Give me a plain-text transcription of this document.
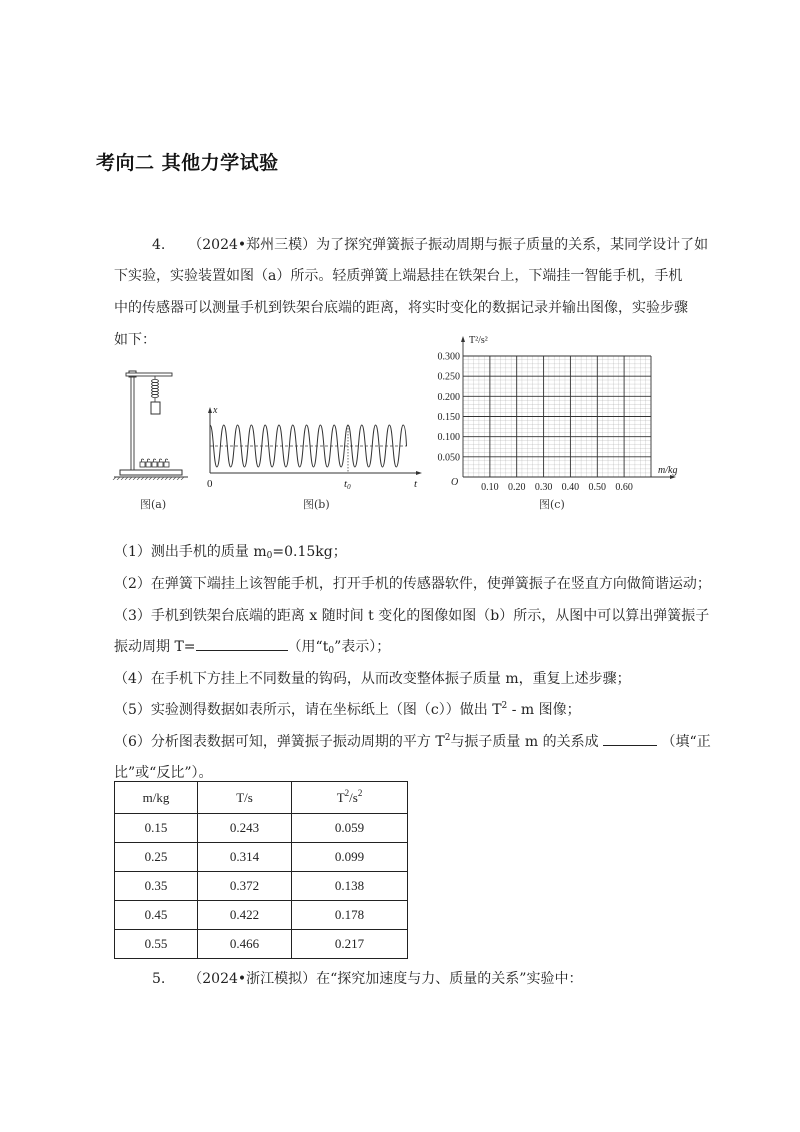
考向二 其他力学试验
4. （2024•郑州三模）为了探究弹簧振子振动周期与振子质量的关系，某同学设计了如
下实验，实验装置如图（a）所示。轻质弹簧上端悬挂在铁架台上，下端挂一智能手机，手机
中的传感器可以测量手机到铁架台底端的距离，将实时变化的数据记录并输出图像，实验步骤
如下：
图(a)
x
0	t0	t
图(b)
T²/s²
m/kg
O
0.300
0.250
0.200
0.150
0.100
0.050
0.10 0.20 0.30 0.40 0.50 0.60
图(c)
（1）测出手机的质量 $m_0=0.15kg$；
（2）在弹簧下端挂上该智能手机，打开手机的传感器软件，使弹簧振子在竖直方向做简谐运动；
（3）手机到铁架台底端的距离 x 随时间 t 变化的图像如图（b）所示，从图中可以算出弹簧振子
振动周期 T=	（用“$t_0$”表示）；
（4）在手机下方挂上不同数量的钩码，从而改变整体振子质量 m，重复上述步骤；
（5）实验测得数据如表所示，请在坐标纸上（图（c））做出 $T^2$ - m 图像；
（6）分析图表数据可知，弹簧振子振动周期的平方 $T^2$与振子质量 m 的关系成	（填“正
比”或“反比”）。
m/kg	T/s	$T^2/s^2$
0.15	0.243	0.059
0.25	0.314	0.099
0.35	0.372	0.138
0.45	0.422	0.178
0.55	0.466	0.217
5. （2024•浙江模拟）在“探究加速度与力、质量的关系”实验中：
